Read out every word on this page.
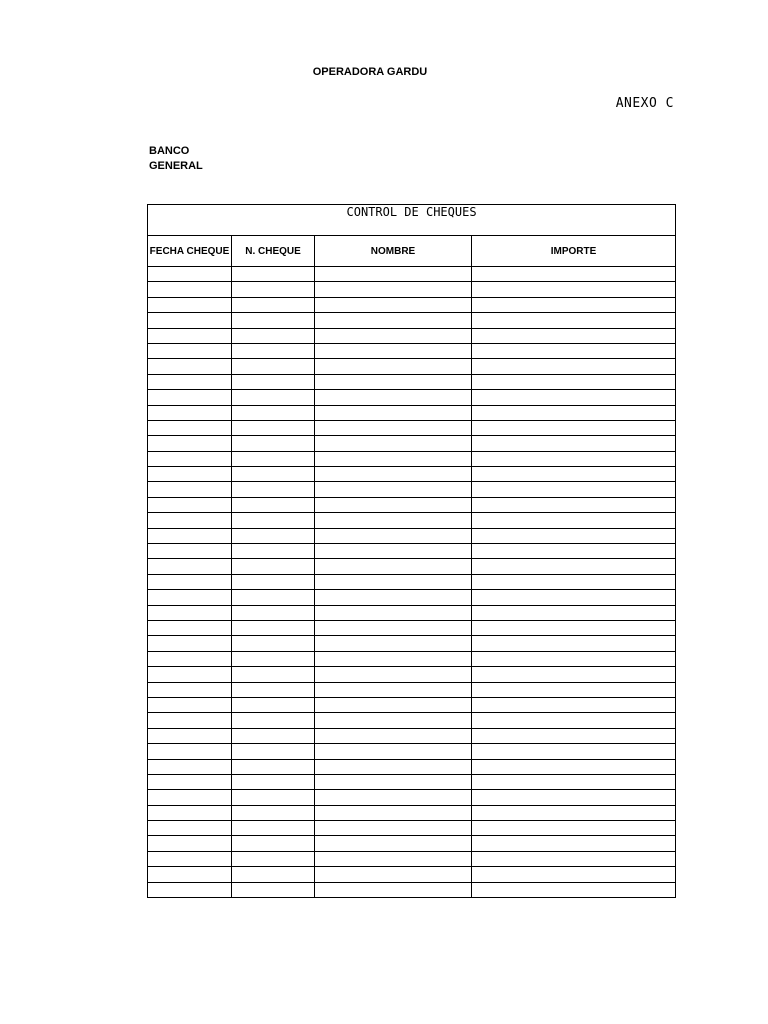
OPERADORA GARDU
ANEXO C
BANCO
GENERAL
CONTROL DE CHEQUES			
FECHA CHEQUE	N. CHEQUE	NOMBRE	IMPORTE
